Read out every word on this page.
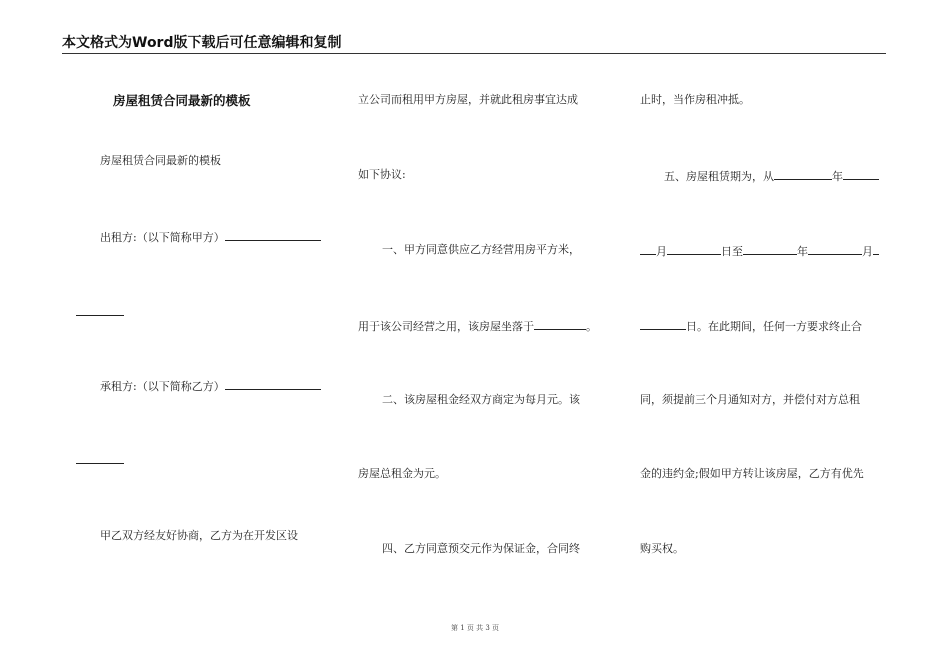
本文格式为Word版下载后可任意编辑和复制
房屋租赁合同最新的模板
房屋租赁合同最新的模板
出租方:（以下简称甲方）
承租方:（以下简称乙方）
甲乙双方经友好协商，乙方为在开发区设
立公司而租用甲方房屋，并就此租房事宜达成
如下协议:
一、甲方同意供应乙方经营用房平方米，
用于该公司经营之用，该房屋坐落于	。
二、该房屋租金经双方商定为每月元。该
房屋总租金为元。
四、乙方同意预交元作为保证金，合同终
止时，当作房租冲抵。
五、房屋租赁期为，从	年
月	日至	年	月
日。在此期间，任何一方要求终止合
同，须提前三个月通知对方，并偿付对方总租
金的违约金;假如甲方转让该房屋，乙方有优先
购买权。
第 1 页 共 3 页
